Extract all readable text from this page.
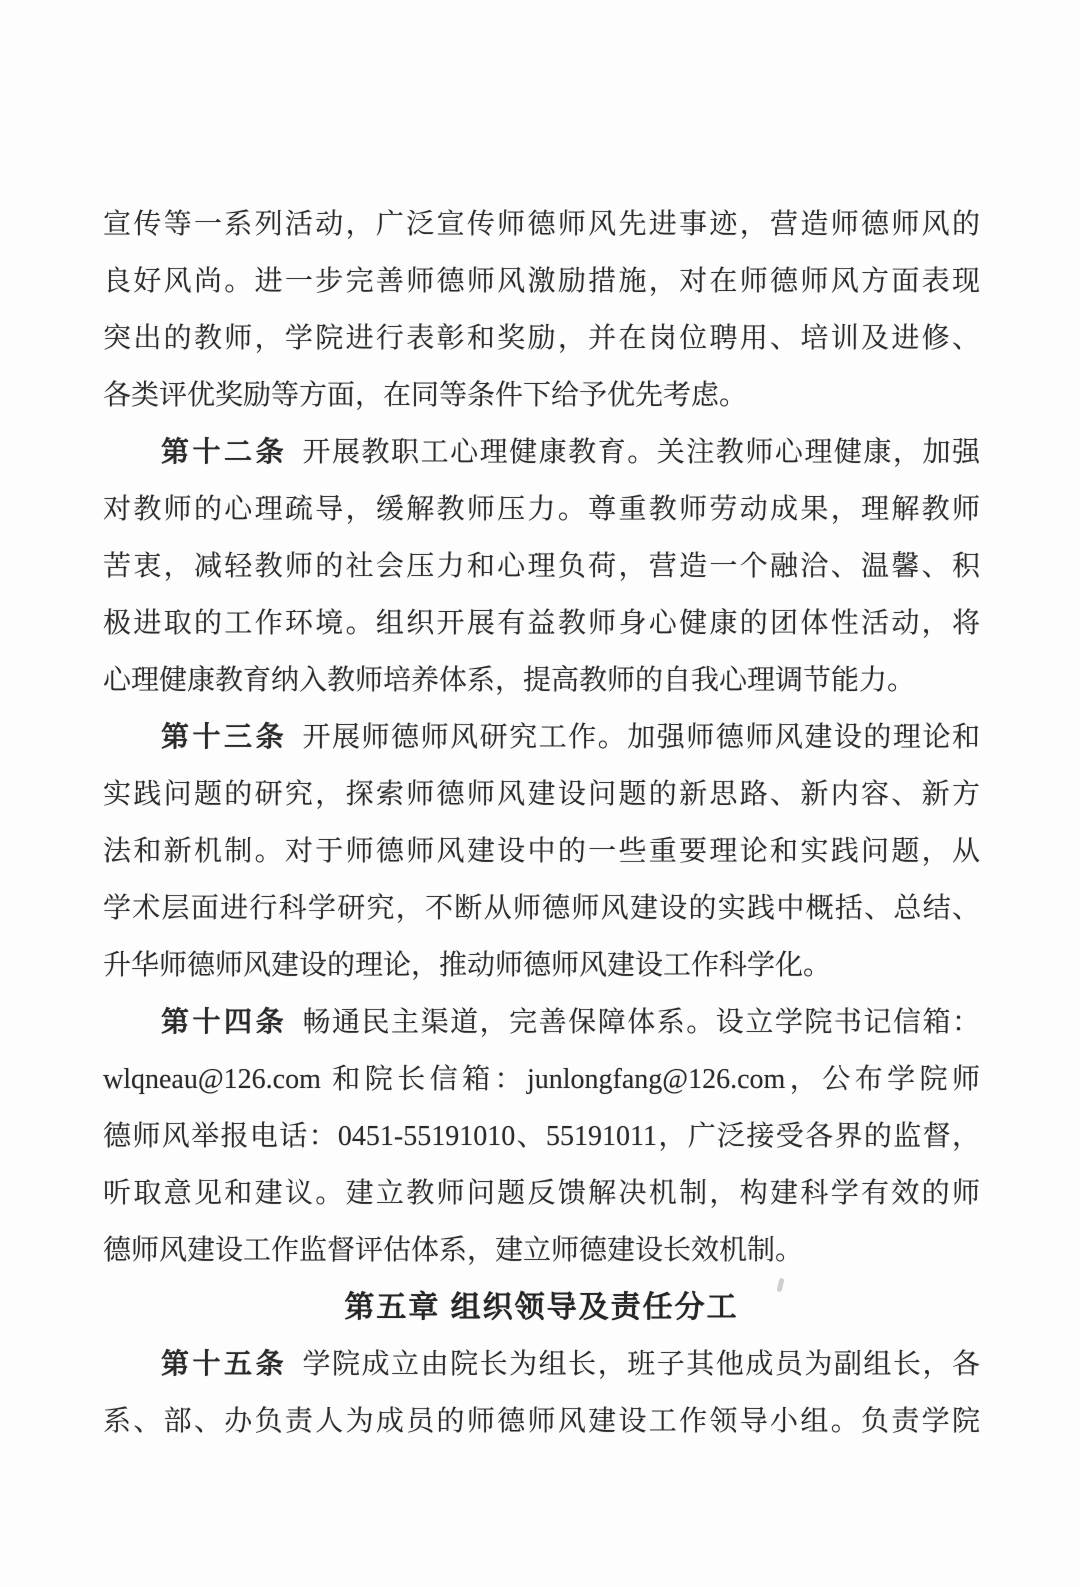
宣传等一系列活动，广泛宣传师德师风先进事迹，营造师德师风的
良好风尚。进一步完善师德师风激励措施，对在师德师风方面表现
突出的教师，学院进行表彰和奖励，并在岗位聘用、培训及进修、
各类评优奖励等方面，在同等条件下给予优先考虑。
第十二条 开展教职工心理健康教育。关注教师心理健康，加强
对教师的心理疏导，缓解教师压力。尊重教师劳动成果，理解教师
苦衷，减轻教师的社会压力和心理负荷，营造一个融洽、温馨、积
极进取的工作环境。组织开展有益教师身心健康的团体性活动，将
心理健康教育纳入教师培养体系，提高教师的自我心理调节能力。
第十三条 开展师德师风研究工作。加强师德师风建设的理论和
实践问题的研究，探索师德师风建设问题的新思路、新内容、新方
法和新机制。对于师德师风建设中的一些重要理论和实践问题，从
学术层面进行科学研究，不断从师德师风建设的实践中概括、总结、
升华师德师风建设的理论，推动师德师风建设工作科学化。
第十四条 畅通民主渠道，完善保障体系。设立学院书记信箱：
wlqneau@126.com 和院长信箱：junlongfang@126.com，公布学院师
德师风举报电话：0451-55191010、55191011，广泛接受各界的监督，
听取意见和建议。建立教师问题反馈解决机制，构建科学有效的师
德师风建设工作监督评估体系，建立师德建设长效机制。
第五章 组织领导及责任分工
第十五条 学院成立由院长为组长，班子其他成员为副组长，各
系、部、办负责人为成员的师德师风建设工作领导小组。负责学院
